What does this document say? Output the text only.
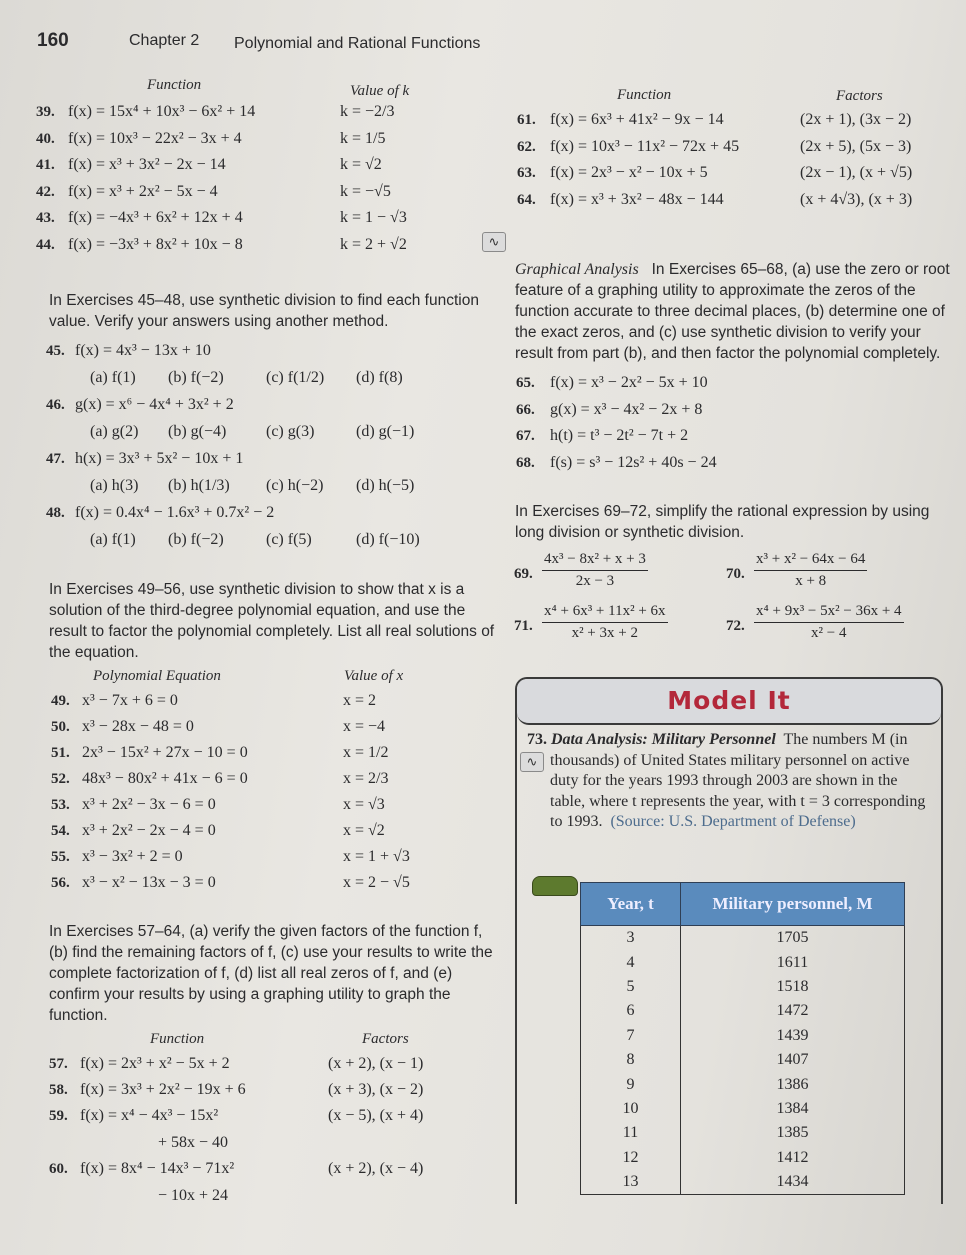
160	Chapter 2 Polynomial and Rational Functions
Function	Value of k
In Exercises 45–48, use synthetic division to find each function value. Verify your answers using another method.
In Exercises 49–56, use synthetic division to show that x is a solution of the third-degree polynomial equation, and use the result to factor the polynomial completely. List all real solutions of the equation.
Polynomial Equation	Value of x
In Exercises 57–64, (a) verify the given factors of the function f, (b) find the remaining factors of f, (c) use your results to write the complete factorization of f, (d) list all real zeros of f, and (e) confirm your results by using a graphing utility to graph the function.
Function	Factors
Function	Factors
∿
Graphical Analysis In Exercises 65–68, (a) use the zero or root feature of a graphing utility to approximate the zeros of the function accurate to three decimal places, (b) determine one of the exact zeros, and (c) use synthetic division to verify your result from part (b), and then factor the polynomial completely.
In Exercises 69–72, simplify the rational expression by using long division or synthetic division.
Model It
73. Data Analysis: Military Personnel The numbers M (in thousands) of United States military personnel on active duty for the years 1993 through 2003 are shown in the table, where t represents the year, with t = 3 corresponding to 1993. (Source: U.S. Department of Defense)
∿
Year, t	Military personnel, M
3	1705
4	1611
5	1518
6	1472
7	1439
8	1407
9	1386
10	1384
11	1385
12	1412
13	1434
39. f(x) = 15x⁴ + 10x³ − 6x² + 14	k = −2/3
40. f(x) = 10x³ − 22x² − 3x + 4	k = 1/5
41. f(x) = x³ + 3x² − 2x − 14	k = √2
42. f(x) = x³ + 2x² − 5x − 4	k = −√5
43. f(x) = −4x³ + 6x² + 12x + 4	k = 1 − √3
44. f(x) = −3x³ + 8x² + 10x − 8	k = 2 + √2
49. x³ − 7x + 6 = 0	x = 2
50. x³ − 28x − 48 = 0	x = −4
51. 2x³ − 15x² + 27x − 10 = 0	x = 1/2
52. 48x³ − 80x² + 41x − 6 = 0	x = 2/3
53. x³ + 2x² − 3x − 6 = 0	x = √3
54. x³ + 2x² − 2x − 4 = 0	x = √2
55. x³ − 3x² + 2 = 0	x = 1 + √3
56. x³ − x² − 13x − 3 = 0	x = 2 − √5
61. f(x) = 6x³ + 41x² − 9x − 14	(2x + 1), (3x − 2)
62. f(x) = 10x³ − 11x² − 72x + 45	(2x + 5), (5x − 3)
63. f(x) = 2x³ − x² − 10x + 5	(2x − 1), (x + √5)
64. f(x) = x³ + 3x² − 48x − 144	(x + 4√3), (x + 3)
57. f(x) = 2x³ + x² − 5x + 2	(x + 2), (x − 1)
58. f(x) = 3x³ + 2x² − 19x + 6	(x + 3), (x − 2)
59. f(x) = x⁴ − 4x³ − 15x²	(x − 5), (x + 4)
+ 58x − 40
60. f(x) = 8x⁴ − 14x³ − 71x²	(x + 2), (x − 4)
− 10x + 24
45. f(x) = 4x³ − 13x + 10
(a) f(1) (b) f(−2)	(c) f(1/2) (d) f(8)
46. g(x) = x⁶ − 4x⁴ + 3x² + 2
(a) g(2) (b) g(−4) (c) g(3)	(d) g(−1)
47. h(x) = 3x³ + 5x² − 10x + 1
(a) h(3) (b) h(1/3) (c) h(−2) (d) h(−5)
48. f(x) = 0.4x⁴ − 1.6x³ + 0.7x² − 2
(a) f(1) (b) f(−2)	(c) f(5)	(d) f(−10)
65. f(x) = x³ − 2x² − 5x + 10
66. g(x) = x³ − 4x² − 2x + 8
67. h(t) = t³ − 2t² − 7t + 2
68. f(s) = s³ − 12s² + 40s − 24
69. $\frac{\text{4x³ − 8x² + x + 3}}{2x - 3}$	70. $\frac{\text{x³ + x² − 64x − 64}}{x + 8}$
71. $\frac{\text{x⁴ + 6x³ + 11x² + 6x}}{\text{x² + 3x + 2}}$	72. $\frac{\text{x⁴ + 9x³ − 5x² − 36x + 4}}{\text{x² − 4}}$
